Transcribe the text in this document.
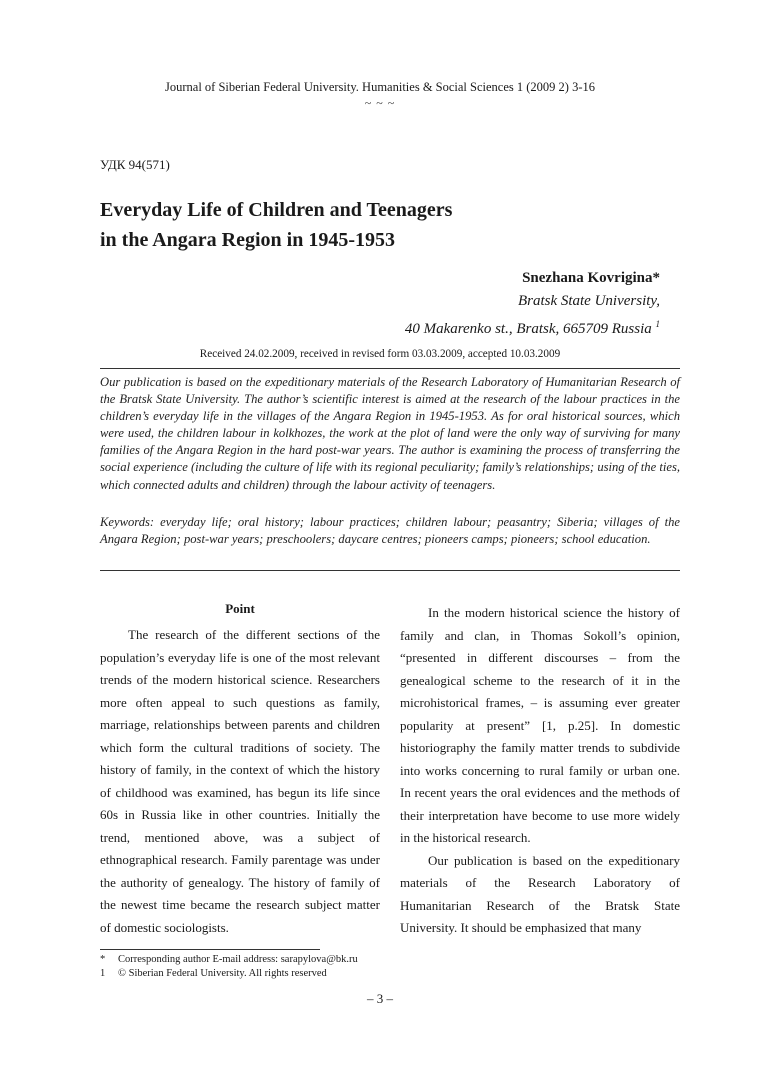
Journal of Siberian Federal University. Humanities & Social Sciences 1 (2009 2) 3-16
~ ~ ~
УДК 94(571)
Everyday Life of Children and Teenagers
in the Angara Region in 1945-1953
Snezhana Kovrigina*
Bratsk State University,
40 Makarenko st., Bratsk, 665709 Russia $^1$
Received 24.02.2009, received in revised form 03.03.2009, accepted 10.03.2009
Our publication is based on the expeditionary materials of the Research Laboratory of Humanitarian Research of the Bratsk State University. The author’s scientific interest is aimed at the research of the labour practices in the children’s everyday life in the villages of the Angara Region in 1945-1953. As for oral historical sources, which were used, the children labour in kolkhozes, the work at the plot of land were the only way of surviving for many families of the Angara Region in the hard post-war years. The author is examining the process of transferring the social experience (including the culture of life with its regional peculiarity; family’s relationships; using of the ties, which connected adults and children) through the labour activity of teenagers.
Keywords: everyday life; oral history; labour practices; children labour; peasantry; Siberia; villages of the Angara Region; post-war years; preschoolers; daycare centres; pioneers camps; pioneers; school education.
Point

The research of the different sections of the population’s everyday life is one of the most relevant trends of the modern historical science. Researchers more often appeal to such questions as family, marriage, relationships between parents and children which form the cultural traditions of society. The history of family, in the context of which the history of childhood was examined, has begun its life since 60s in Russia like in other countries. Initially the trend, mentioned above, was a subject of ethnographical research. Family parentage was under the authority of genealogy. The history of family of the newest time became the research subject matter of domestic sociologists.

In the modern historical science the history of family and clan, in Thomas Sokoll’s opinion, “presented in different discourses – from the genealogical scheme to the research of it in the microhistorical frames, – is assuming ever greater popularity at present” [1, p.25]. In domestic historiography the family matter trends to subdivide into works concerning to rural family or urban one. In recent years the oral evidences and the methods of their interpretation have become to use more widely in the historical research.

Our publication is based on the expeditionary materials of the Research Laboratory of Humanitarian Research of the Bratsk State University. It should be emphasized that many

*	Corresponding author E-mail address: sarapylova@bk.ru
1	© Siberian Federal University. All rights reserved
– 3 –
